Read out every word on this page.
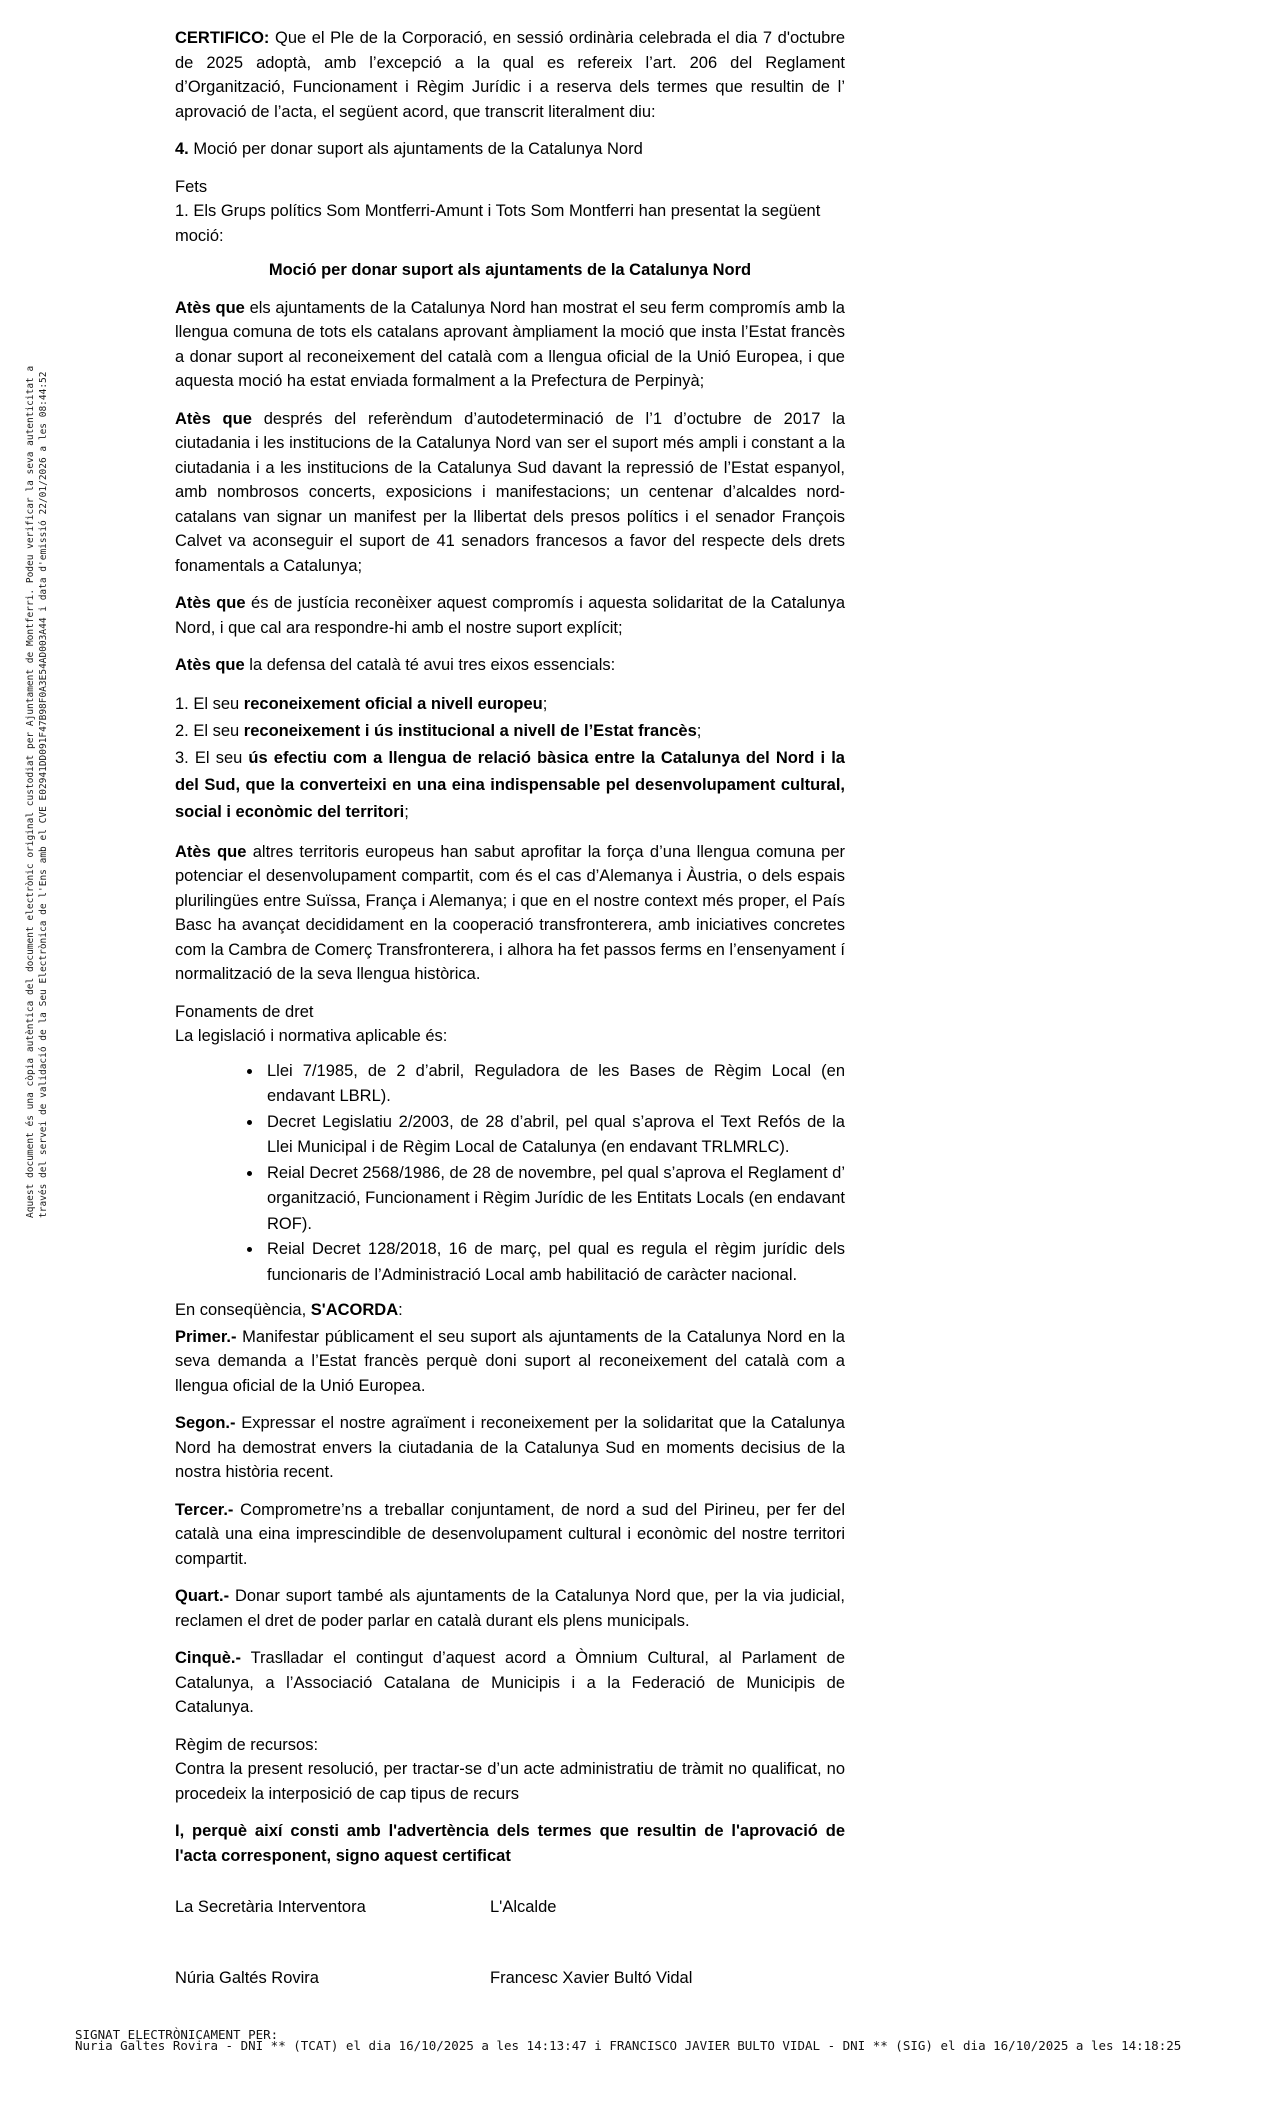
Aquest document és una còpia autèntica del document electrònic original custodiat per Ajuntament de Montferri. Podeu verificar la seva autenticitat a través del servei de validació de la Seu Electrònica de l'Ens amb el CVE E02941DD091F47B98F0A3E54AD003A44 i data d'emissió 22/01/2026 a les 08:44:52

CERTIFICO: Que el Ple de la Corporació, en sessió ordinària celebrada el dia 7 d'octubre de 2025 adoptà, amb l’excepció a la qual es refereix l’art. 206 del Reglament d’Organització, Funcionament i Règim Jurídic i a reserva dels termes que resultin de l’ aprovació de l’acta, el següent acord, que transcrit literalment diu:

4. Moció per donar suport als ajuntaments de la Catalunya Nord

Fets
1. Els Grups polítics Som Montferri-Amunt i Tots Som Montferri han presentat la següent moció:

Moció per donar suport als ajuntaments de la Catalunya Nord

Atès que els ajuntaments de la Catalunya Nord han mostrat el seu ferm compromís amb la llengua comuna de tots els catalans aprovant àmpliament la moció que insta l’Estat francès a donar suport al reconeixement del català com a llengua oficial de la Unió Europea, i que aquesta moció ha estat enviada formalment a la Prefectura de Perpinyà;

Atès que després del referèndum d’autodeterminació de l’1 d’octubre de 2017 la ciutadania i les institucions de la Catalunya Nord van ser el suport més ampli i constant a la ciutadania i a les institucions de la Catalunya Sud davant la repressió de l’Estat espanyol, amb nombrosos concerts, exposicions i manifestacions; un centenar d’alcaldes nord-catalans van signar un manifest per la llibertat dels presos polítics i el senador François Calvet va aconseguir el suport de 41 senadors francesos a favor del respecte dels drets fonamentals a Catalunya;

Atès que és de justícia reconèixer aquest compromís i aquesta solidaritat de la Catalunya Nord, i que cal ara respondre-hi amb el nostre suport explícit;

Atès que la defensa del català té avui tres eixos essencials:

1. El seu reconeixement oficial a nivell europeu;
2. El seu reconeixement i ús institucional a nivell de l’Estat francès;
3. El seu ús efectiu com a llengua de relació bàsica entre la Catalunya del Nord i la del Sud, que la converteixi en una eina indispensable pel desenvolupament cultural, social i econòmic del territori;

Atès que altres territoris europeus han sabut aprofitar la força d’una llengua comuna per potenciar el desenvolupament compartit, com és el cas d’Alemanya i Àustria, o dels espais plurilingües entre Suïssa, França i Alemanya; i que en el nostre context més proper, el País Basc ha avançat decididament en la cooperació transfronterera, amb iniciatives concretes com la Cambra de Comerç Transfronterera, i alhora ha fet passos ferms en l’ensenyament í normalització de la seva llengua històrica.

Fonaments de dret
La legislació i normativa aplicable és:

• Llei 7/1985, de 2 d’abril, Reguladora de les Bases de Règim Local (en endavant LBRL).
• Decret Legislatiu 2/2003, de 28 d’abril, pel qual s’aprova el Text Refós de la Llei Municipal i de Règim Local de Catalunya (en endavant TRLMRLC).
• Reial Decret 2568/1986, de 28 de novembre, pel qual s’aprova el Reglament d’ organització, Funcionament i Règim Jurídic de les Entitats Locals (en endavant ROF).
• Reial Decret 128/2018, 16 de març, pel qual es regula el règim jurídic dels funcionaris de l’Administració Local amb habilitació de caràcter nacional.

En conseqüència, S'ACORDA:

Primer.- Manifestar públicament el seu suport als ajuntaments de la Catalunya Nord en la seva demanda a l’Estat francès perquè doni suport al reconeixement del català com a llengua oficial de la Unió Europea.

Segon.- Expressar el nostre agraïment i reconeixement per la solidaritat que la Catalunya Nord ha demostrat envers la ciutadania de la Catalunya Sud en moments decisius de la nostra història recent.

Tercer.- Comprometre’ns a treballar conjuntament, de nord a sud del Pirineu, per fer del català una eina imprescindible de desenvolupament cultural i econòmic del nostre territori compartit.

Quart.- Donar suport també als ajuntaments de la Catalunya Nord que, per la via judicial, reclamen el dret de poder parlar en català durant els plens municipals.

Cinquè.- Traslladar el contingut d’aquest acord a Òmnium Cultural, al Parlament de Catalunya, a l’Associació Catalana de Municipis i a la Federació de Municipis de Catalunya.

Règim de recursos:
Contra la present resolució, per tractar-se d’un acte administratiu de tràmit no qualificat, no procedeix la interposició de cap tipus de recurs

I, perquè així consti amb l'advertència dels termes que resultin de l'aprovació de l'acta corresponent, signo aquest certificat

La Secretària Interventora	L'Alcalde
Núria Galtés Rovira	Francesc Xavier Bultó Vidal
SIGNAT ELECTRÒNICAMENT PER:
Nuria Galtes Rovira - DNI ** (TCAT) el dia 16/10/2025 a les 14:13:47 i FRANCISCO JAVIER BULTO VIDAL - DNI ** (SIG) el dia 16/10/2025 a les 14:18:25
